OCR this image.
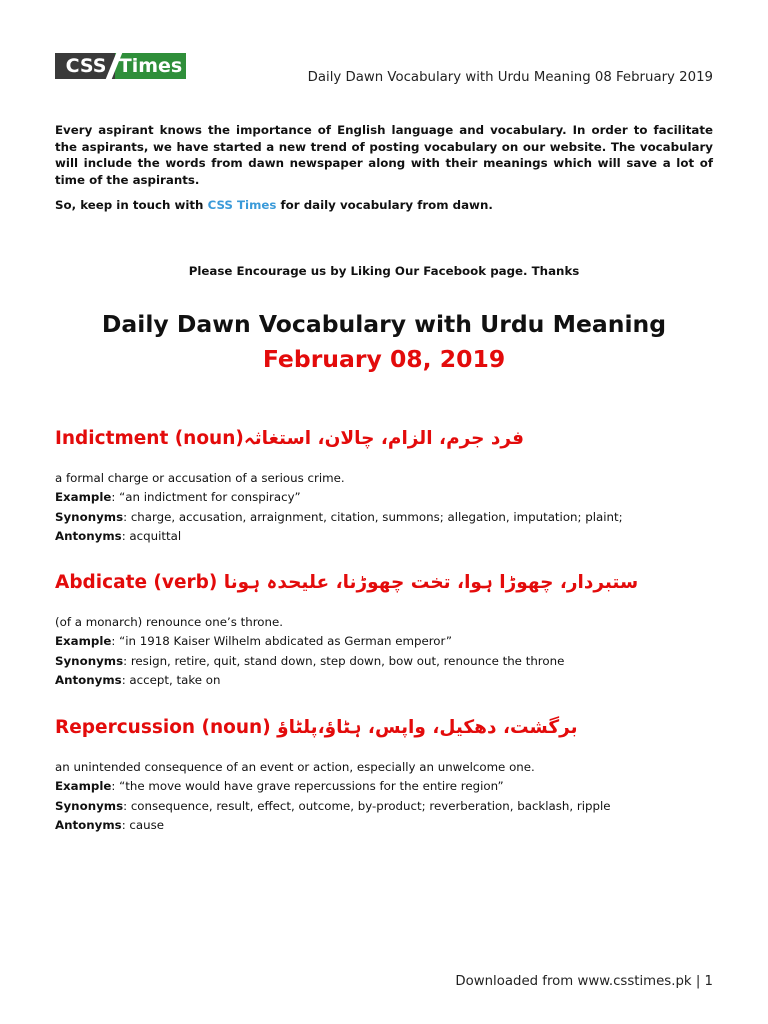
CSS Times
Daily Dawn Vocabulary with Urdu Meaning 08 February 2019
Every aspirant knows the importance of English language and vocabulary. In order to facilitate the aspirants, we have started a new trend of posting vocabulary on our website. The vocabulary will include the words from dawn newspaper along with their meanings which will save a lot of time of the aspirants.
So, keep in touch with CSS Times for daily vocabulary from dawn.
Please Encourage us by Liking Our Facebook page. Thanks
Daily Dawn Vocabulary with Urdu Meaning
February 08, 2019
Indictment (noun)فرد جرم، الزام، چالان، استغاثہ
a formal charge or accusation of a serious crime.
Example: “an indictment for conspiracy”
Synonyms: charge, accusation, arraignment, citation, summons; allegation, imputation; plaint;
Antonyms: acquittal
Abdicate (verb) ستبردار، چھوڑا ہوا، تخت چھوڑنا، علیحدہ ہونا
(of a monarch) renounce one’s throne.
Example: “in 1918 Kaiser Wilhelm abdicated as German emperor”
Synonyms: resign, retire, quit, stand down, step down, bow out, renounce the throne
Antonyms: accept, take on
Repercussion (noun) برگشت، دھکیل، واپس، ہٹاؤ،پلٹاؤ
an unintended consequence of an event or action, especially an unwelcome one.
Example: “the move would have grave repercussions for the entire region”
Synonyms: consequence, result, effect, outcome, by-product; reverberation, backlash, ripple
Antonyms: cause
Downloaded from www.csstimes.pk | 1
